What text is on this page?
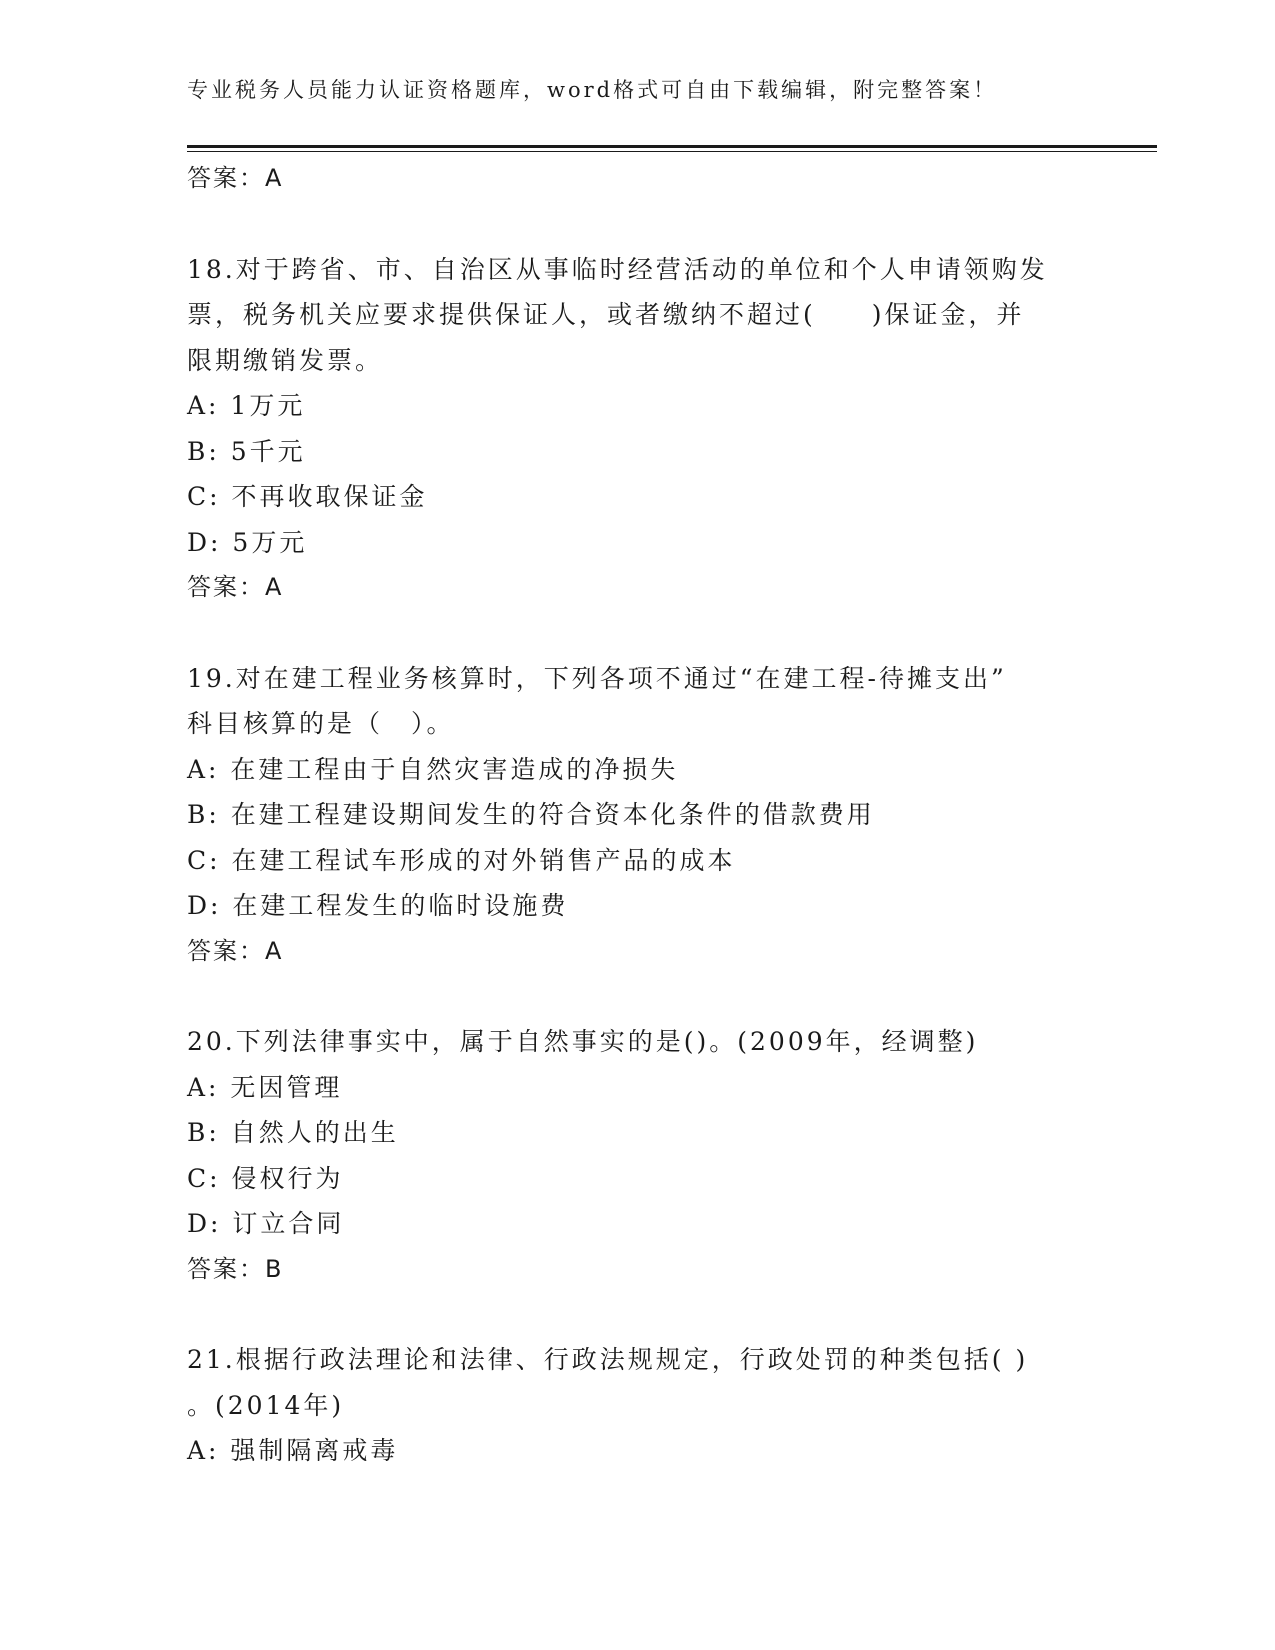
专业税务人员能力认证资格题库，word格式可自由下载编辑，附完整答案！
答案：A
18.对于跨省、市、自治区从事临时经营活动的单位和个人申请领购发
票，税务机关应要求提供保证人，或者缴纳不超过(　　)保证金，并
限期缴销发票。
A: 1万元
B: 5千元
C: 不再收取保证金
D: 5万元
答案：A
19.对在建工程业务核算时，下列各项不通过“在建工程-待摊支出”
科目核算的是（　）。
A: 在建工程由于自然灾害造成的净损失
B: 在建工程建设期间发生的符合资本化条件的借款费用
C: 在建工程试车形成的对外销售产品的成本
D: 在建工程发生的临时设施费
答案：A
20.下列法律事实中，属于自然事实的是()。(2009年，经调整)
A: 无因管理
B: 自然人的出生
C: 侵权行为
D: 订立合同
答案：B
21.根据行政法理论和法律、行政法规规定，行政处罚的种类包括( )
。(2014年)
A: 强制隔离戒毒
